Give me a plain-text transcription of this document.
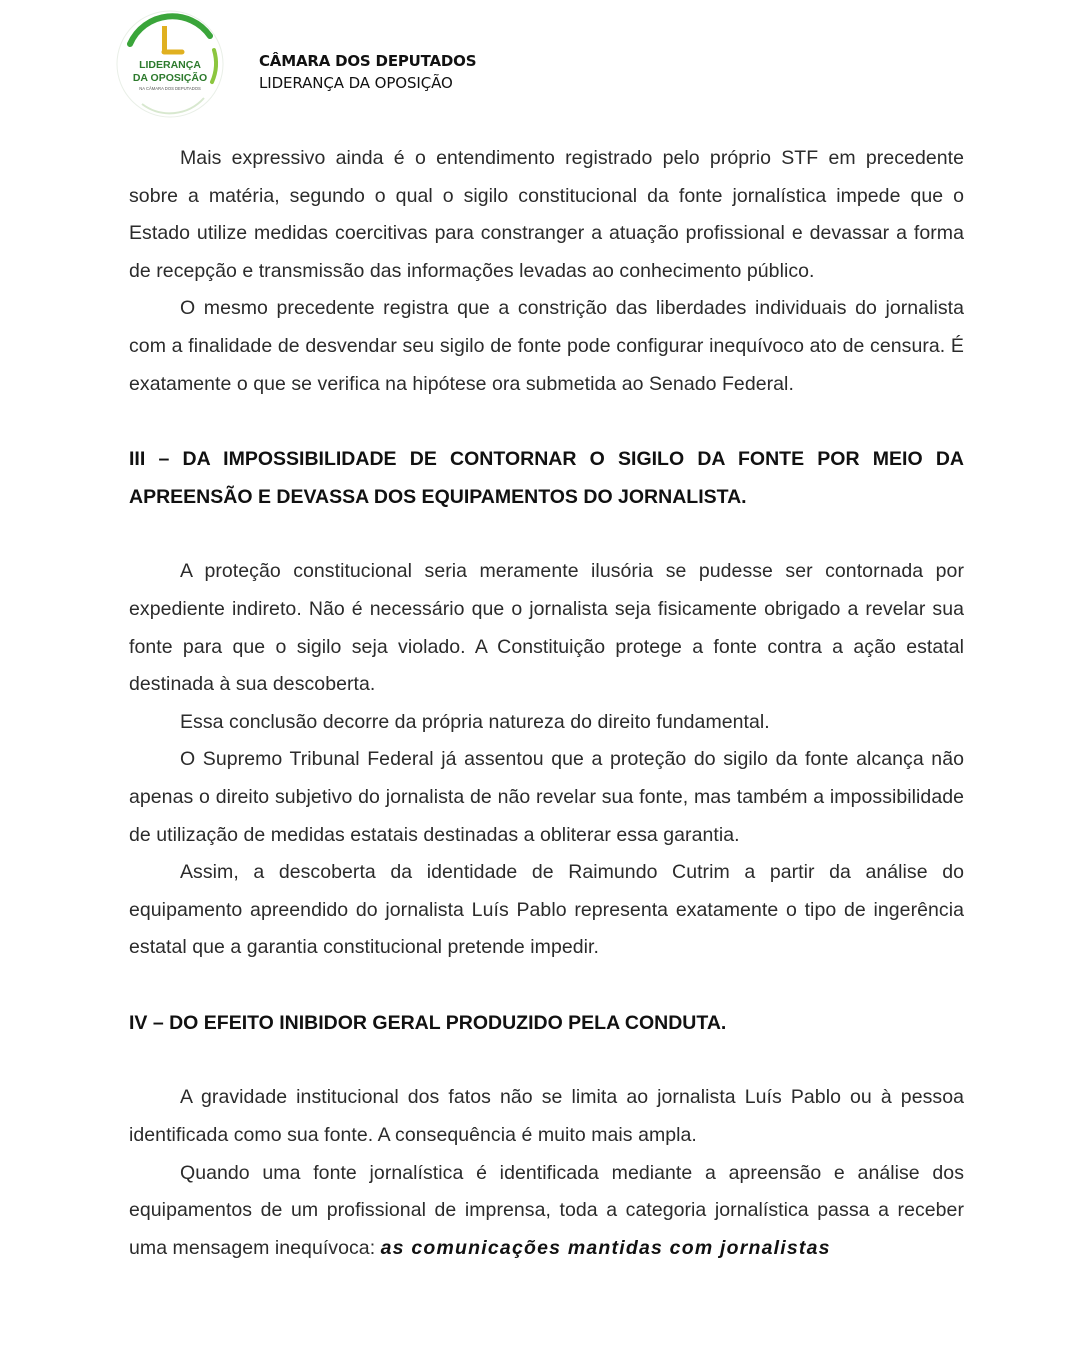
LIDERANÇA
DA OPOSIÇÃO
NA CÂMARA DOS DEPUTADOS
CÂMARA DOS DEPUTADOS
LIDERANÇA DA OPOSIÇÃO

Mais expressivo ainda é o entendimento registrado pelo próprio STF em precedente sobre a matéria, segundo o qual o sigilo constitucional da fonte jornalística impede que o Estado utilize medidas coercitivas para constranger a atuação profissional e devassar a forma de recepção e transmissão das informações levadas ao conhecimento público.

O mesmo precedente registra que a constrição das liberdades individuais do jornalista com a finalidade de desvendar seu sigilo de fonte pode configurar inequívoco ato de censura. É exatamente o que se verifica na hipótese ora submetida ao Senado Federal.

III – DA IMPOSSIBILIDADE DE CONTORNAR O SIGILO DA FONTE POR MEIO DA APREENSÃO E DEVASSA DOS EQUIPAMENTOS DO JORNALISTA.

A proteção constitucional seria meramente ilusória se pudesse ser contornada por expediente indireto. Não é necessário que o jornalista seja fisicamente obrigado a revelar sua fonte para que o sigilo seja violado. A Constituição protege a fonte contra a ação estatal destinada à sua descoberta.

Essa conclusão decorre da própria natureza do direito fundamental.

O Supremo Tribunal Federal já assentou que a proteção do sigilo da fonte alcança não apenas o direito subjetivo do jornalista de não revelar sua fonte, mas também a impossibilidade de utilização de medidas estatais destinadas a obliterar essa garantia.

Assim, a descoberta da identidade de Raimundo Cutrim a partir da análise do equipamento apreendido do jornalista Luís Pablo representa exatamente o tipo de ingerência estatal que a garantia constitucional pretende impedir.

IV – DO EFEITO INIBIDOR GERAL PRODUZIDO PELA CONDUTA.

A gravidade institucional dos fatos não se limita ao jornalista Luís Pablo ou à pessoa identificada como sua fonte. A consequência é muito mais ampla.

Quando uma fonte jornalística é identificada mediante a apreensão e análise dos equipamentos de um profissional de imprensa, toda a categoria jornalística passa a receber uma mensagem inequívoca: as comunicações mantidas com jornalistas
